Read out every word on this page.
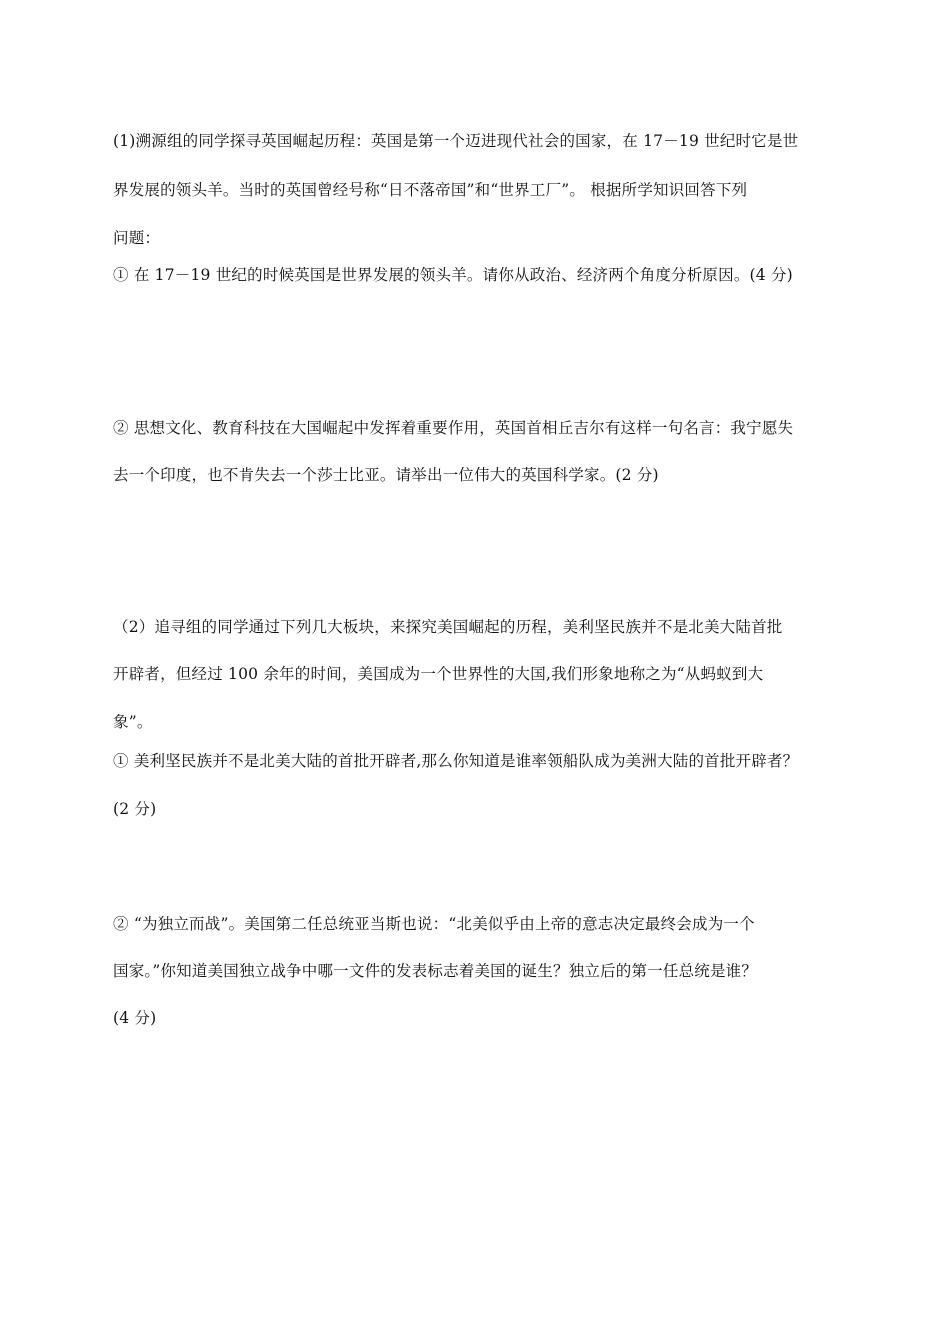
(1)溯源组的同学探寻英国崛起历程：英国是第一个迈进现代社会的国家，在 17－19 世纪时它是世
界发展的领头羊。当时的英国曾经号称“日不落帝国”和“世界工厂”。 根据所学知识回答下列
问题：
① 在 17－19 世纪的时候英国是世界发展的领头羊。请你从政治、经济两个角度分析原因。(4 分)
② 思想文化、教育科技在大国崛起中发挥着重要作用，英国首相丘吉尔有这样一句名言：我宁愿失
去一个印度，也不肯失去一个莎士比亚。请举出一位伟大的英国科学家。(2 分)
（2）追寻组的同学通过下列几大板块，来探究美国崛起的历程，美利坚民族并不是北美大陆首批
开辟者，但经过 100 余年的时间，美国成为一个世界性的大国,我们形象地称之为“从蚂蚁到大
象”。
① 美利坚民族并不是北美大陆的首批开辟者,那么你知道是谁率领船队成为美洲大陆的首批开辟者？
(2 分)
② “为独立而战”。美国第二任总统亚当斯也说：“北美似乎由上帝的意志决定最终会成为一个
国家。”你知道美国独立战争中哪一文件的发表标志着美国的诞生？独立后的第一任总统是谁？
(4 分)
